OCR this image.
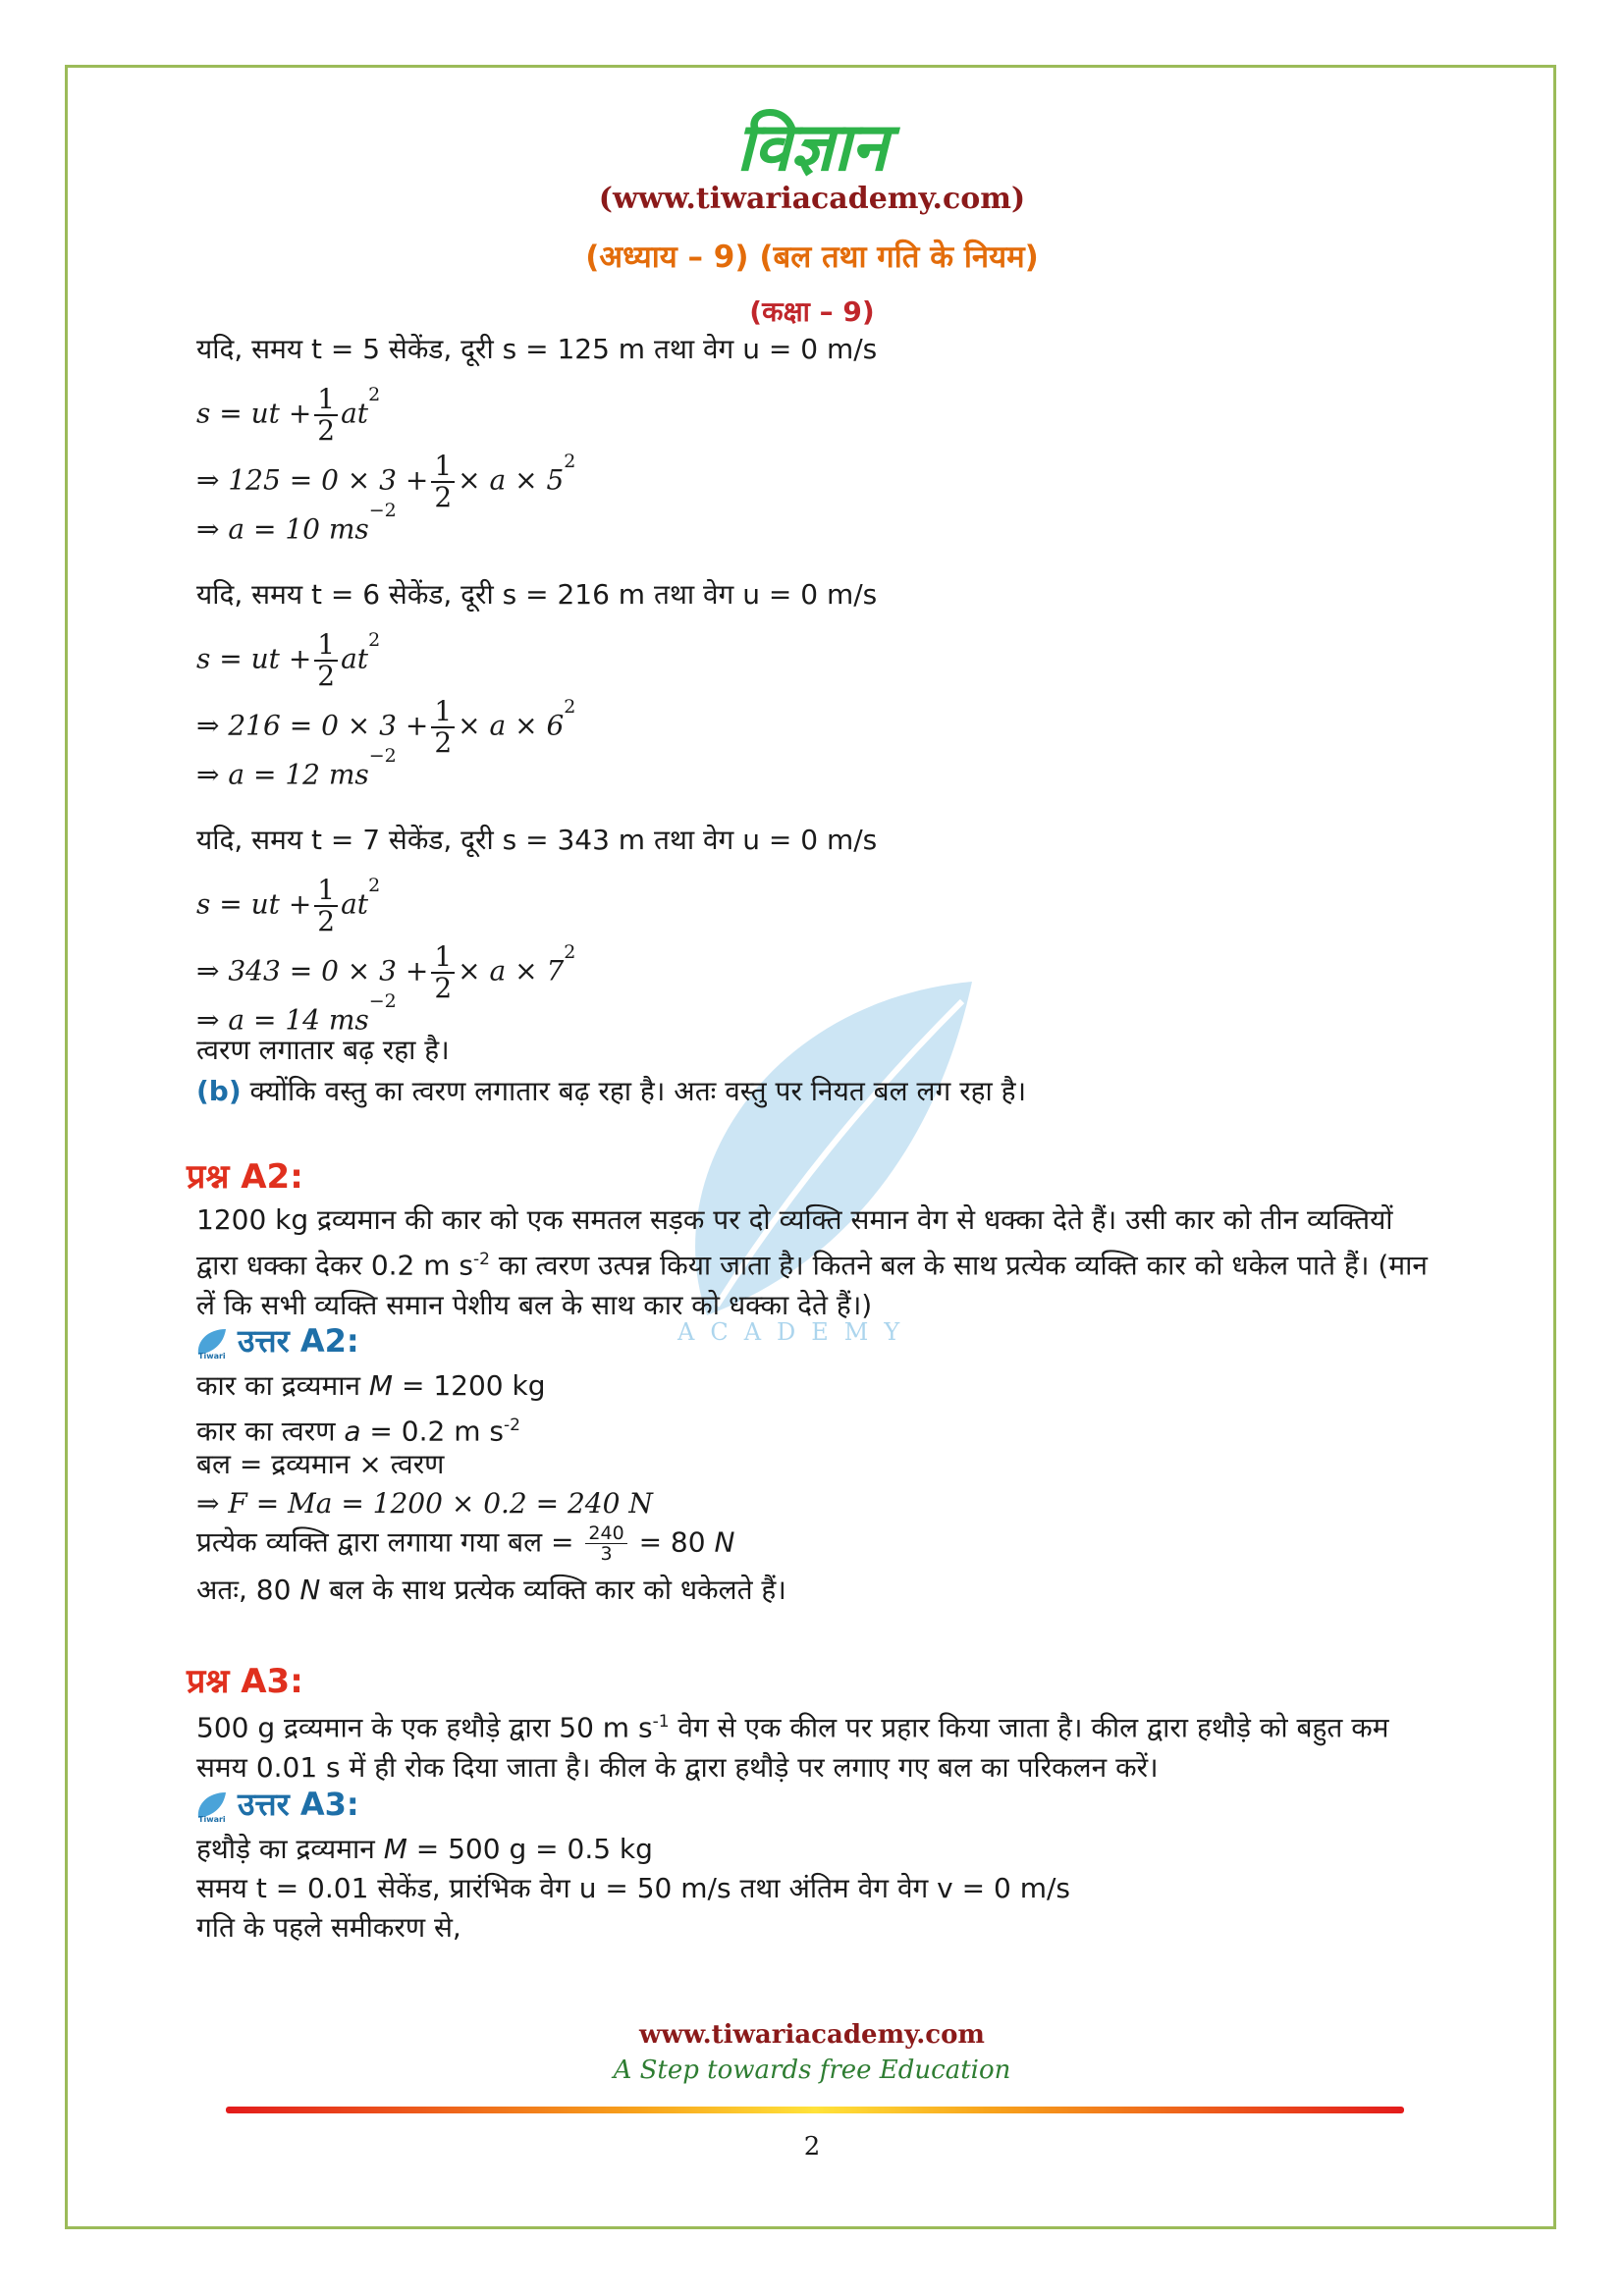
ACADEMY
विज्ञान
(www.tiwariacademy.com)
(अध्याय – 9) (बल तथा गति के नियम)
(कक्षा – 9)
यदि, समय t = 5 सेकेंड, दूरी s = 125 m तथा वेग u = 0 m/s
s = ut + $\frac{1}{2} at^2$
⇒ $125 = 0 \times 3 + \frac{1}{2} \times a \times 5^2$
⇒ a = 10 $ms^{-2}$
यदि, समय t = 6 सेकेंड, दूरी s = 216 m तथा वेग u = 0 m/s
s = ut + $\frac{1}{2} at^2$
⇒ $216 = 0 \times 3 + \frac{1}{2} \times a \times 6^2$
⇒ a = 12 $ms^{-2}$
यदि, समय t = 7 सेकेंड, दूरी s = 343 m तथा वेग u = 0 m/s
s = ut + $\frac{1}{2} at^2$
⇒ $343 = 0 \times 3 + \frac{1}{2} \times a \times 7^2$
⇒ a = 14 $ms^{-2}$
त्वरण लगातार बढ़ रहा है।
(b) क्योंकि वस्तु का त्वरण लगातार बढ़ रहा है। अतः वस्तु पर नियत बल लग रहा है।
प्रश्न A2:
1200 kg द्रव्यमान की कार को एक समतल सड़क पर दो व्यक्ति समान वेग से धक्का देते हैं। उसी कार को तीन व्यक्तियों द्वारा धक्का देकर 0.2 m $s^{-2}$ का त्वरण उत्पन्न किया जाता है। कितने बल के साथ प्रत्येक व्यक्ति कार को धकेल पाते हैं। (मान लें कि सभी व्यक्ति समान पेशीय बल के साथ कार को धक्का देते हैं।)
Tiwari उत्तर A2:
कार का द्रव्यमान M = 1200 kg
कार का त्वरण a = 0.2 m $s^{-2}$
बल = द्रव्यमान × त्वरण
⇒ F = Ma = 1200 × 0.2 = 240 N
प्रत्येक व्यक्ति द्वारा लगाया गया बल = $\frac{240}{3} = 80$ N
अतः, 80 N बल के साथ प्रत्येक व्यक्ति कार को धकेलते हैं।
प्रश्न A3:
500 g द्रव्यमान के एक हथौड़े द्वारा 50 m $s^{-1}$ वेग से एक कील पर प्रहार किया जाता है। कील द्वारा हथौड़े को बहुत कम समय 0.01 s में ही रोक दिया जाता है। कील के द्वारा हथौड़े पर लगाए गए बल का परिकलन करें।
Tiwari उत्तर A3:
हथौड़े का द्रव्यमान M = 500 g = 0.5 kg
समय t = 0.01 सेकेंड, प्रारंभिक वेग u = 50 m/s तथा अंतिम वेग वेग v = 0 m/s
गति के पहले समीकरण से,
www.tiwariacademy.com
A Step towards free Education
2
